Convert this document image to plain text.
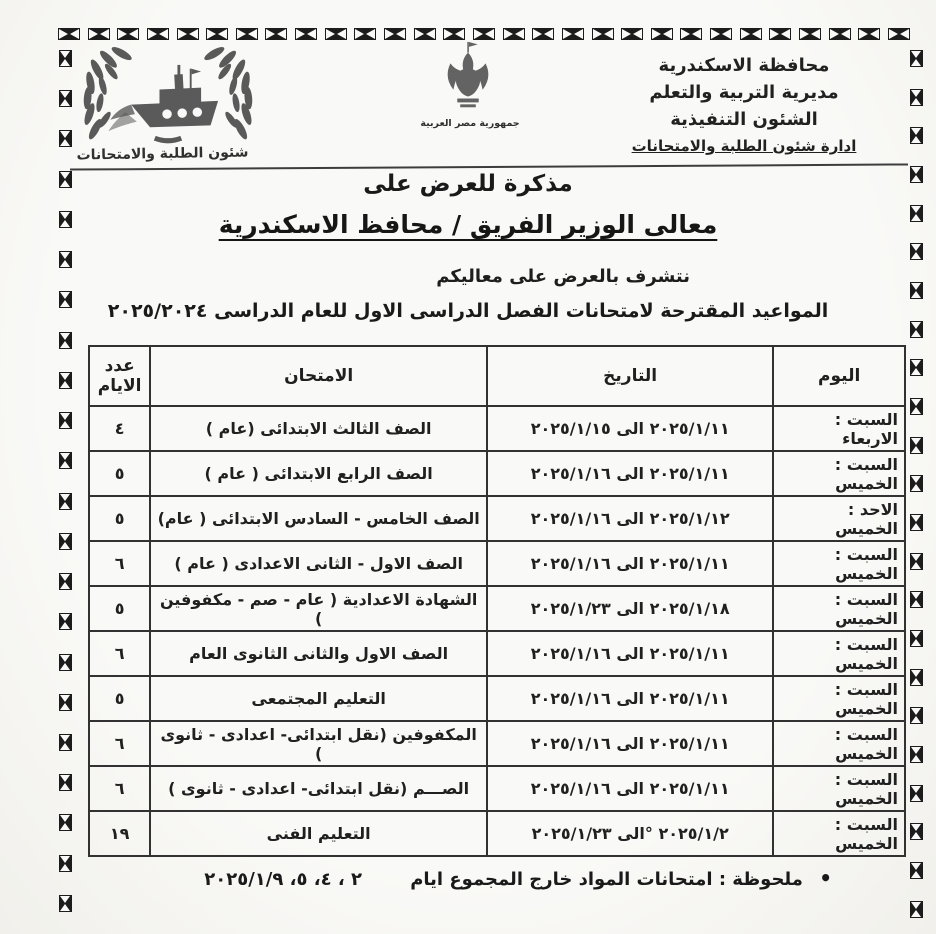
شئون الطلبة والامتحانات
جمهورية مصر العربية
محافظة الاسكندرية
مديرية التربية والتعلم
الشئون التنفيذية
ادارة شئون الطلبة والامتحانات
مذكرة للعرض على
معالى الوزير الفريق / محافظ الاسكندرية
نتشرف بالعرض على معاليكم
المواعيد المقترحة لامتحانات الفصل الدراسى الاول للعام الدراسى ٢٠٢٥/٢٠٢٤
اليوم	التاريخ	الامتحان	عدد الايام
السبت : الاربعاء	٢٠٢٥/١/١١ الى ٢٠٢٥/١/١٥	الصف الثالث الابتدائى (عام )	٤
السبت : الخميس	٢٠٢٥/١/١١ الى ٢٠٢٥/١/١٦	الصف الرابع الابتدائى ( عام )	٥
الاحد : الخميس	٢٠٢٥/١/١٢ الى ٢٠٢٥/١/١٦	الصف الخامس - السادس الابتدائى ( عام)	٥
السبت : الخميس	٢٠٢٥/١/١١ الى ٢٠٢٥/١/١٦	الصف الاول - الثانى الاعدادى ( عام )	٦
السبت : الخميس	٢٠٢٥/١/١٨ الى ٢٠٢٥/١/٢٣	الشهادة الاعدادية ( عام - صم - مكفوفين )	٥
السبت : الخميس	٢٠٢٥/١/١١ الى ٢٠٢٥/١/١٦	الصف الاول والثانى الثانوى العام	٦
السبت : الخميس	٢٠٢٥/١/١١ الى ٢٠٢٥/١/١٦	التعليم المجتمعى	٥
السبت : الخميس	٢٠٢٥/١/١١ الى ٢٠٢٥/١/١٦	المكفوفين (نقل ابتدائى- اعدادى - ثانوى )	٦
السبت : الخميس	٢٠٢٥/١/١١ الى ٢٠٢٥/١/١٦	الصـــم (نقل ابتدائى- اعدادى - ثانوى )	٦
السبت : الخميس	٢٠٢٥/١/٢ °الى ٢٠٢٥/١/٢٣	التعليم الفنى	١٩
• ملحوظة : امتحانات المواد خارج المجموع ايام ٢ ، ٤، ٥، ٢٠٢٥/١/٩
